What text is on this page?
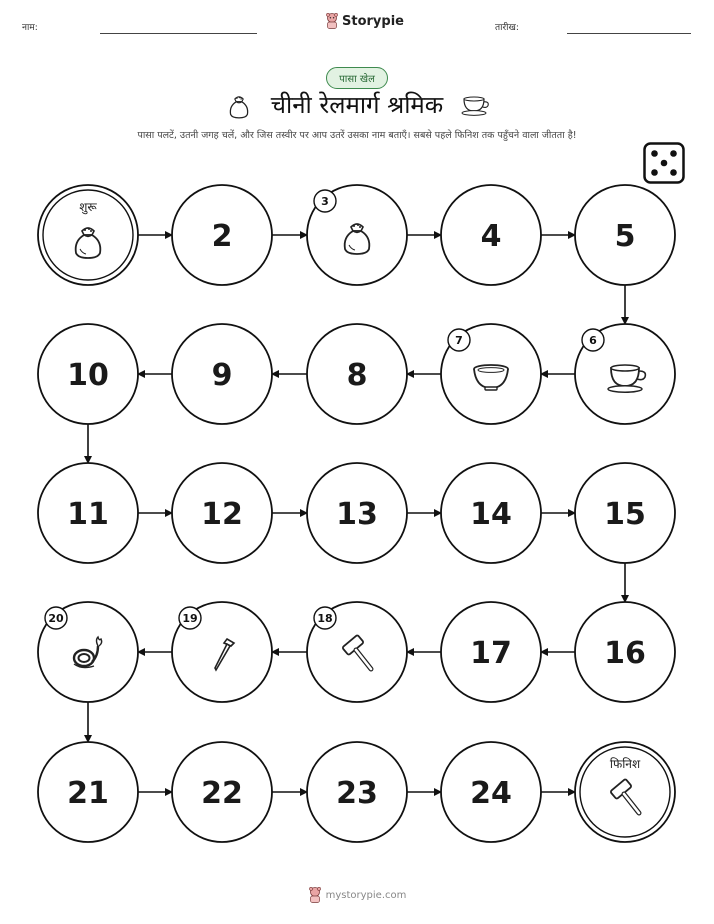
नाम:	Storypie	तारीख:
पासा खेल
चीनी रेलमार्ग श्रमिक
पासा पलटें, उतनी जगह चलें, और जिस तस्वीर पर आप उतरें उसका नाम बताएँ। सबसे पहले फिनिश तक पहुँचने वाला जीतता है!
शुरू
2
3
4	5
6
7
8
9
10
11	12	13	14	15
16
17
18
19
20
21	22	23	24
फिनिश
mystorypie.com
